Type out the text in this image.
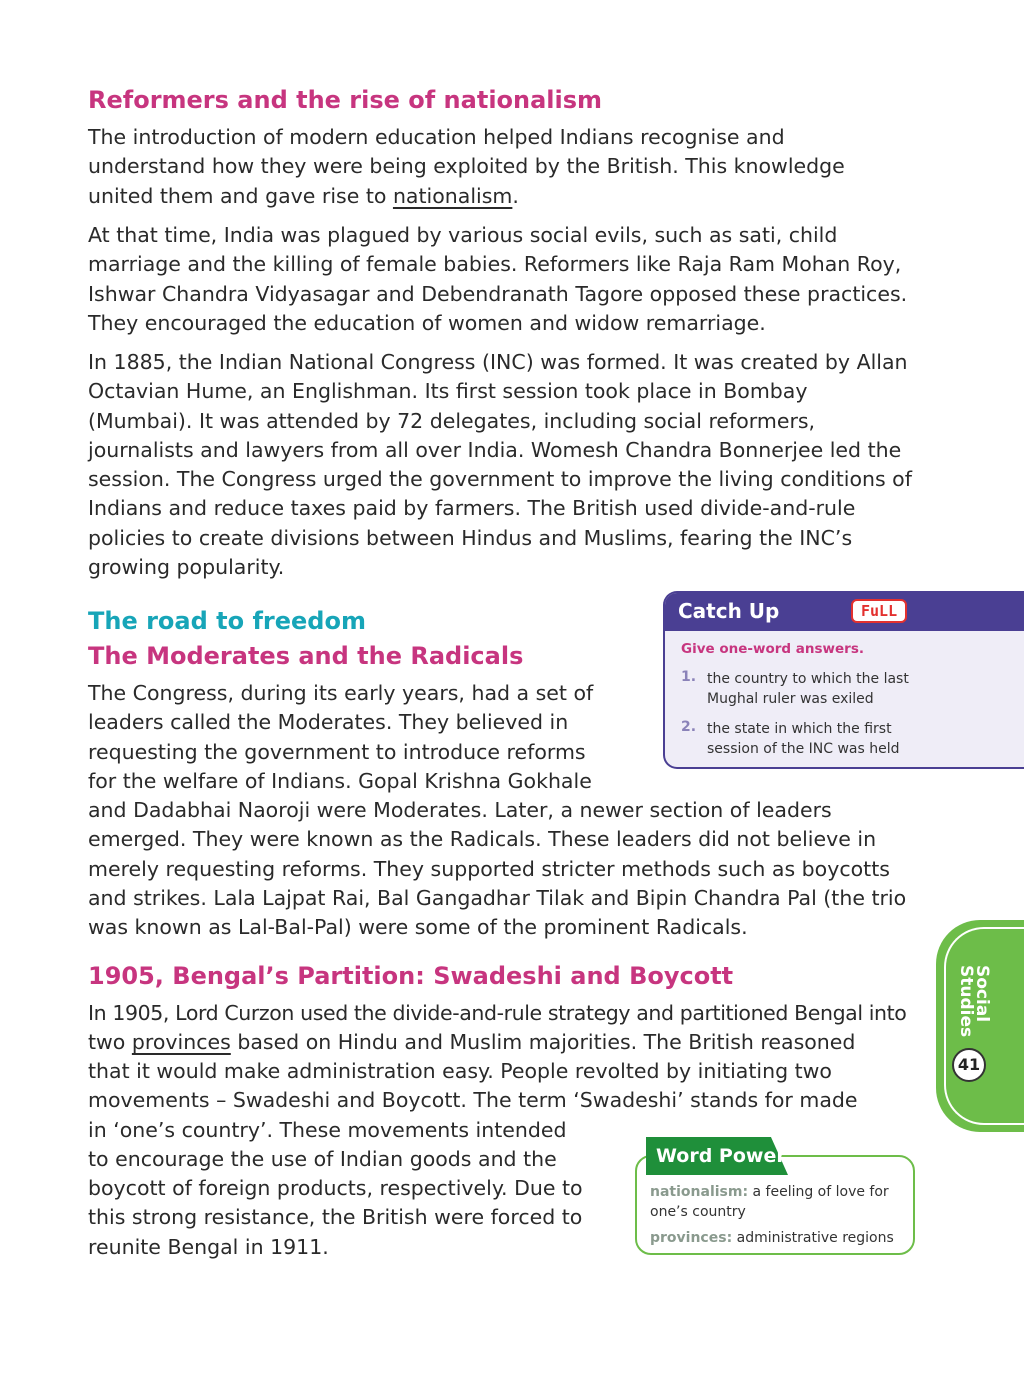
Reformers and the rise of nationalism

The introduction of modern education helped Indians recognise and understand how they were being exploited by the British. This knowledge united them and gave rise to nationalism.

At that time, India was plagued by various social evils, such as sati, child marriage and the killing of female babies. Reformers like Raja Ram Mohan Roy, Ishwar Chandra Vidyasagar and Debendranath Tagore opposed these practices. They encouraged the education of women and widow remarriage.

In 1885, the Indian National Congress (INC) was formed. It was created by Allan Octavian Hume, an Englishman. Its first session took place in Bombay (Mumbai). It was attended by 72 delegates, including social reformers, journalists and lawyers from all over India. Womesh Chandra Bonnerjee led the session. The Congress urged the government to improve the living conditions of Indians and reduce taxes paid by farmers. The British used divide-and-rule policies to create divisions between Hindus and Muslims, fearing the INC’s growing popularity.

The road to freedom
The Moderates and the Radicals

The Congress, during its early years, had a set of

leaders called the Moderates. They believed in

requesting the government to introduce reforms

for the welfare of Indians. Gopal Krishna Gokhale

and Dadabhai Naoroji were Moderates. Later, a newer section of leaders emerged. They were known as the Radicals. These leaders did not believe in merely requesting reforms. They supported stricter methods such as boycotts and strikes. Lala Lajpat Rai, Bal Gangadhar Tilak and Bipin Chandra Pal (the trio was known as Lal-Bal-Pal) were some of the prominent Radicals.

1905, Bengal’s Partition: Swadeshi and Boycott

In 1905, Lord Curzon used the divide-and-rule strategy and partitioned Bengal into

two provinces based on Hindu and Muslim majorities. The British reasoned

that it would make administration easy. People revolted by initiating two

movements – Swadeshi and Boycott. The term ‘Swadeshi’ stands for made

in ‘one’s country’. These movements intended

to encourage the use of Indian goods and the

boycott of foreign products, respectively. Due to

this strong resistance, the British were forced to

reunite Bengal in 1911.

Catch Up	FuLL
Give one-word answers.
1. the country to which the last Mughal ruler was exiled
2. the state in which the first session of the INC was held
Word Power
nationalism: a feeling of love for one’s country
provinces: administrative regions
Social
Studies
41
